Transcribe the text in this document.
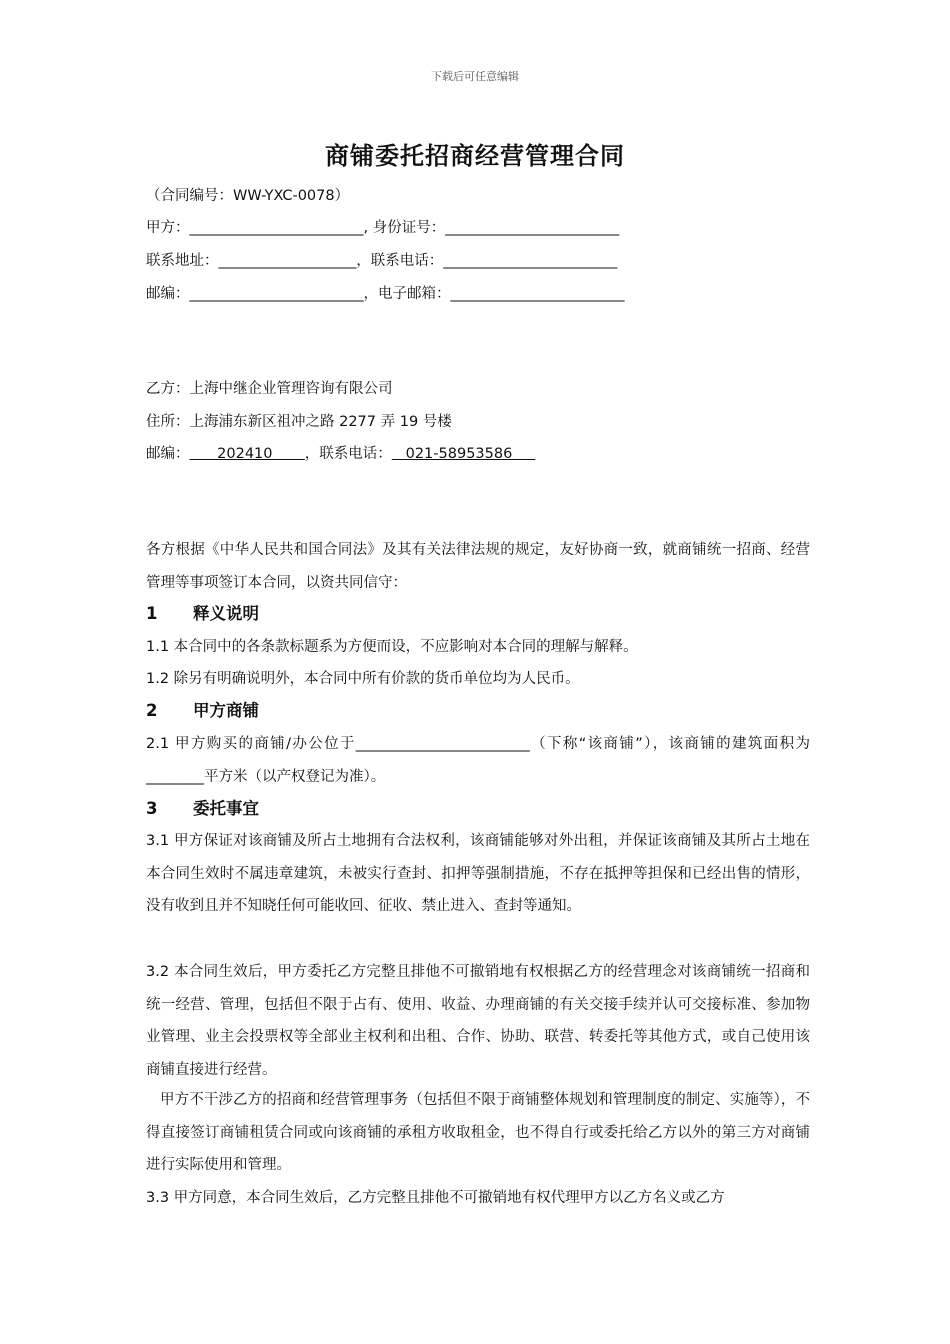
下载后可任意编辑
商铺委托招商经营管理合同
（合同编号：WW-YXC-0078）
甲方：________________________, 身份证号：________________________
联系地址：___________________，联系电话：________________________
邮编：________________________，电子邮箱：________________________
乙方：上海中继企业管理咨询有限公司
住所：上海浦东新区祖冲之路 2277 弄 19 号楼
邮编：      202410       ，联系电话：   021-58953586
各方根据《中华人民共和国合同法》及其有关法律法规的规定，友好协商一致，就商铺统一招商、经营管理等事项签订本合同，以资共同信守：
1 释义说明
1.1 本合同中的各条款标题系为方便而设，不应影响对本合同的理解与解释。
1.2 除另有明确说明外，本合同中所有价款的货币单位均为人民币。
2 甲方商铺
2.1 甲方购买的商铺/办公位于________________________（下称“该商铺”），该商铺的建筑面积为________平方米（以产权登记为准）。
3 委托事宜
3.1 甲方保证对该商铺及所占土地拥有合法权利，该商铺能够对外出租，并保证该商铺及其所占土地在本合同生效时不属违章建筑，未被实行查封、扣押等强制措施，不存在抵押等担保和已经出售的情形，没有收到且并不知晓任何可能收回、征收、禁止进入、查封等通知。
3.2 本合同生效后，甲方委托乙方完整且排他不可撤销地有权根据乙方的经营理念对该商铺统一招商和统一经营、管理，包括但不限于占有、使用、收益、办理商铺的有关交接手续并认可交接标准、参加物业管理、业主会投票权等全部业主权利和出租、合作、协助、联营、转委托等其他方式，或自己使用该商铺直接进行经营。
甲方不干涉乙方的招商和经营管理事务（包括但不限于商铺整体规划和管理制度的制定、实施等），不得直接签订商铺租赁合同或向该商铺的承租方收取租金，也不得自行或委托给乙方以外的第三方对商铺进行实际使用和管理。
3.3 甲方同意，本合同生效后，乙方完整且排他不可撤销地有权代理甲方以乙方名义或乙方
